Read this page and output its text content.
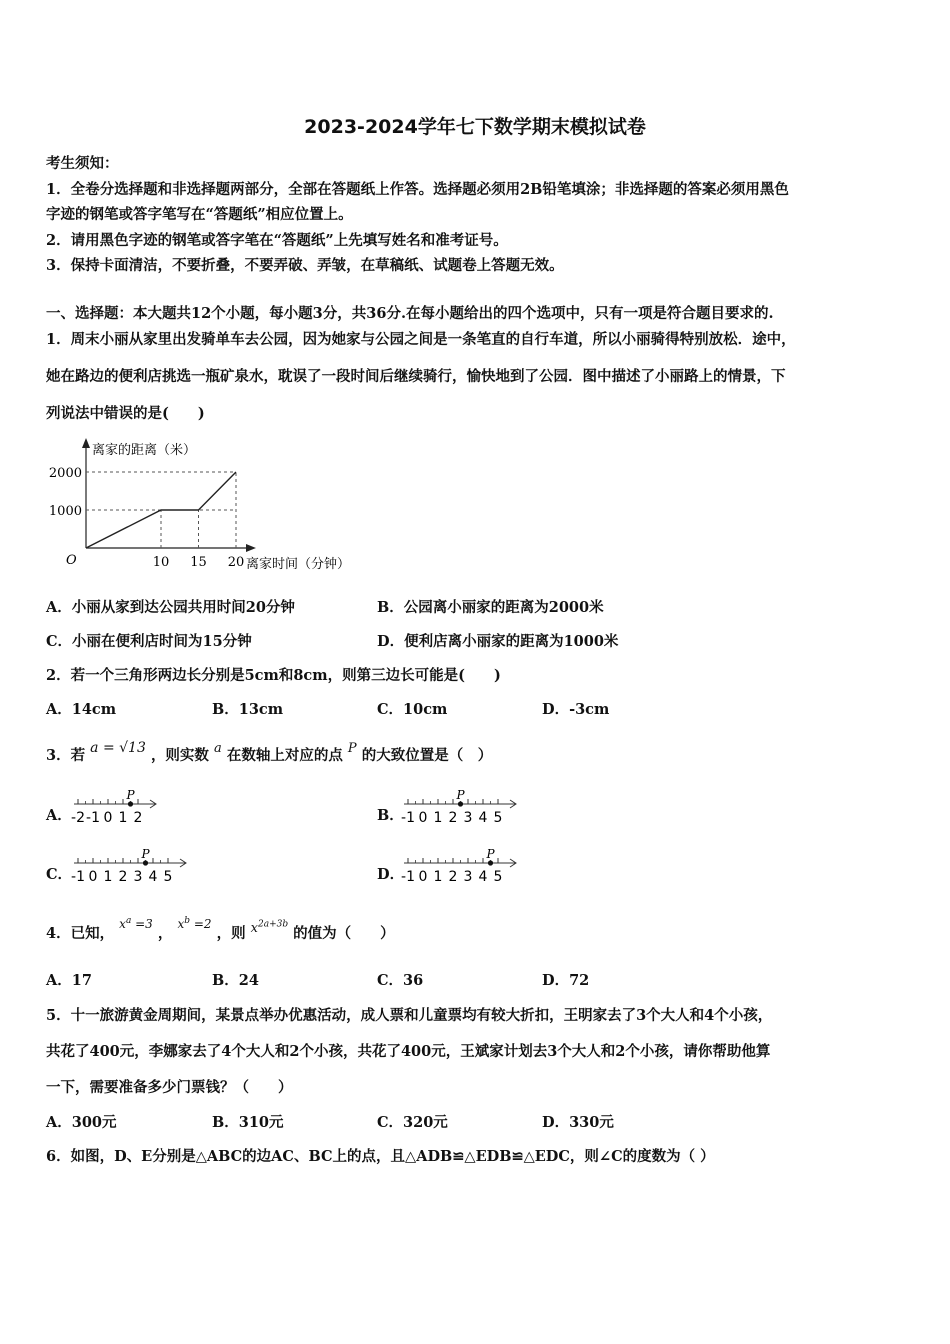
2023-2024学年七下数学期末模拟试卷
考生须知：
1．全卷分选择题和非选择题两部分，全部在答题纸上作答。选择题必须用2B铅笔填涂；非选择题的答案必须用黑色
字迹的钢笔或答字笔写在“答题纸”相应位置上。
2．请用黑色字迹的钢笔或答字笔在“答题纸”上先填写姓名和准考证号。
3．保持卡面清洁，不要折叠，不要弄破、弄皱，在草稿纸、试题卷上答题无效。
一、选择题：本大题共12个小题，每小题3分，共36分.在每小题给出的四个选项中，只有一项是符合题目要求的.
1．周末小丽从家里出发骑单车去公园，因为她家与公园之间是一条笔直的自行车道，所以小丽骑得特别放松．途中，
她在路边的便利店挑选一瓶矿泉水，耽误了一段时间后继续骑行，愉快地到了公园．图中描述了小丽路上的情景，下
列说法中错误的是(　　)
离家的距离（米）
离家时间（分钟）
O
1000
2000
10 15 20
A．小丽从家到达公园共用时间20分钟	B．公园离小丽家的距离为2000米
C．小丽在便利店时间为15分钟	D．便利店离小丽家的距离为1000米
2．若一个三角形两边长分别是5cm和8cm，则第三边长可能是(　　)
A．14cm	B．13cm	C．10cm	D．-3cm
3．若 a = √13 ，则实数 a 在数轴上对应的点 P 的大致位置是（　）
A．	B．
C．	D．
-2 -1 0 1 2
P
-1 0 1 2 3 4 5
P
-1 0 1 2 3 4 5
P
-1 0 1 2 3 4 5
P
4．已知， $^{x^a =3}$ ， $^{x^b =2}$ ，则 $x^{2a+3b}$ 的值为（　　）
A．17	B．24	C．36	D．72
5．十一旅游黄金周期间，某景点举办优惠活动，成人票和儿童票均有较大折扣，王明家去了3个大人和4个小孩，
共花了400元，李娜家去了4个大人和2个小孩，共花了400元，王斌家计划去3个大人和2个小孩，请你帮助他算
一下，需要准备多少门票钱？（　　）
A．300元	B．310元	C．320元	D．330元
6．如图，D、E分别是△ABC的边AC、BC上的点，且△ADB≌△EDB≌△EDC，则∠C的度数为（ ）
